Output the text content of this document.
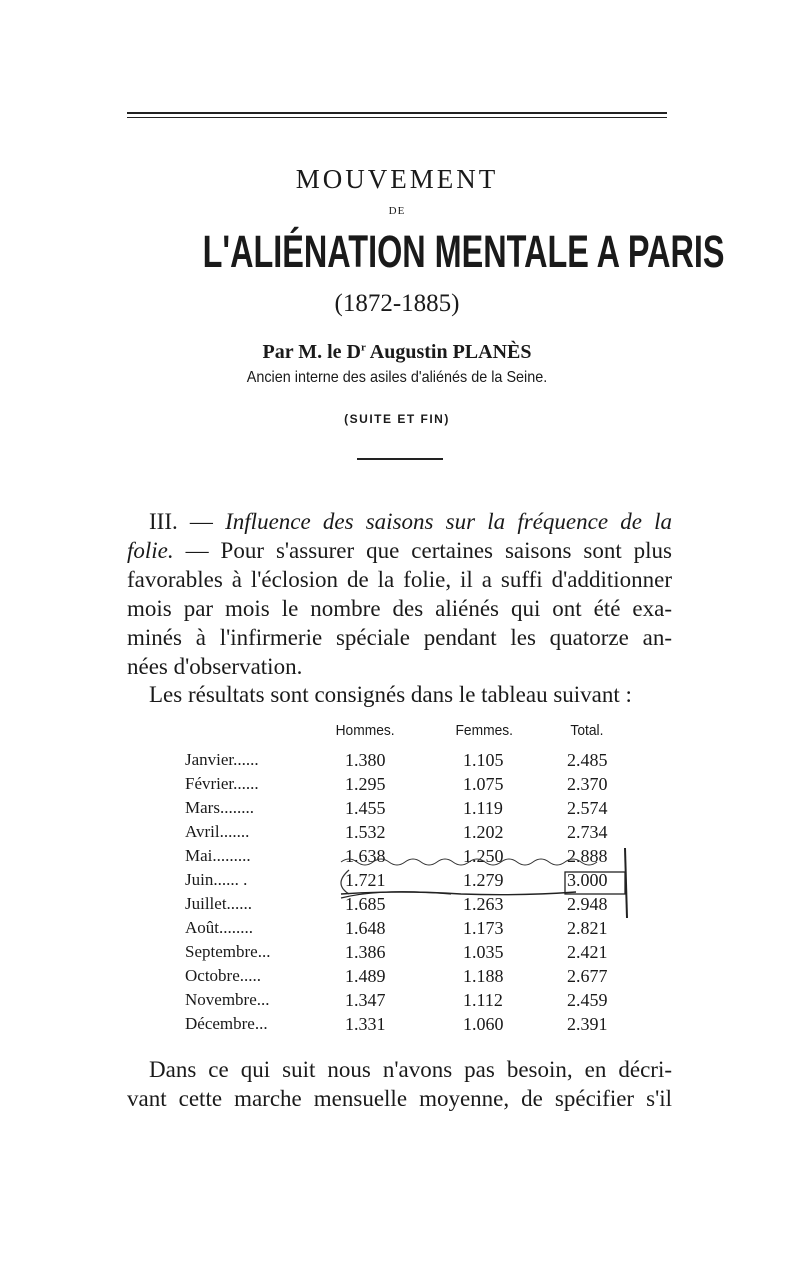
MOUVEMENT
DE
L'ALIÉNATION MENTALE A PARIS
(1872-1885)
Par M. le $D^r$ Augustin PLANÈS
Ancien interne des asiles d'aliénés de la Seine.
(SUITE ET FIN)
III. — Influence des saisons sur la fréquence de la
folie. — Pour s'assurer que certaines saisons sont plus
favorables à l'éclosion de la folie, il a suffi d'additionner
mois par mois le nombre des aliénés qui ont été exa-
minés à l'infirmerie spéciale pendant les quatorze an-
nées d'observation.
Les résultats sont consignés dans le tableau suivant :
Hommes.	Femmes.	Total.
Janvier......	1.380	1.105	2.485
Février......	1.295	1.075	2.370
Mars........	1.455	1.119	2.574
Avril.......	1.532	1.202	2.734
Mai.........	1.638	1.250	2.888
Juin...... .	1.721	1.279	3.000
Juillet......	1.685	1.263	2.948
Août........	1.648	1.173	2.821
Septembre...	1.386	1.035	2.421
Octobre.....	1.489	1.188	2.677
Novembre...	1.347	1.112	2.459
Décembre...	1.331	1.060	2.391
Dans ce qui suit nous n'avons pas besoin, en décri-
vant cette marche mensuelle moyenne, de spécifier s'il
